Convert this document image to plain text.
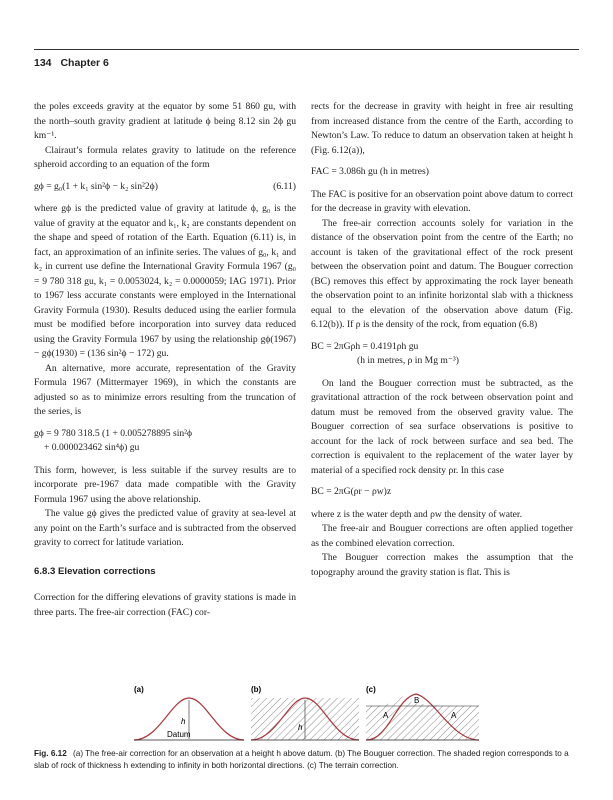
134 Chapter 6

the poles exceeds gravity at the equator by some 51 860 gu, with the north–south gravity gradient at latitude ϕ being 8.12 sin 2ϕ gu km⁻¹.

Clairaut’s formula relates gravity to latitude on the reference spheroid according to an equation of the form

gϕ = g₀(1 + k₁ sin²ϕ − k₂ sin²2ϕ)	(6.11)

where gϕ is the predicted value of gravity at latitude ϕ, g₀ is the value of gravity at the equator and k₁, k₂ are constants dependent on the shape and speed of rotation of the Earth. Equation (6.11) is, in fact, an approximation of an infinite series. The values of g₀, k₁ and k₂ in current use define the International Gravity Formula 1967 (g₀ = 9 780 318 gu, k₁ = 0.0053024, k₂ = 0.0000059; IAG 1971). Prior to 1967 less accurate constants were employed in the International Gravity Formula (1930). Results deduced using the earlier formula must be modified before incorporation into survey data reduced using the Gravity Formula 1967 by using the relationship gϕ(1967) − gϕ(1930) = (136 sin²ϕ − 172) gu.

An alternative, more accurate, representation of the Gravity Formula 1967 (Mittermayer 1969), in which the constants are adjusted so as to minimize errors resulting from the truncation of the series, is

gϕ = 9 780 318.5 (1 + 0.005278895 sin²ϕ
+ 0.000023462 sin⁴ϕ) gu

This form, however, is less suitable if the survey results are to incorporate pre-1967 data made compatible with the Gravity Formula 1967 using the above relationship.

The value gϕ gives the predicted value of gravity at sea-level at any point on the Earth’s surface and is subtracted from the observed gravity to correct for latitude variation.

6.8.3 Elevation corrections

Correction for the differing elevations of gravity stations is made in three parts. The free-air correction (FAC) cor-

rects for the decrease in gravity with height in free air resulting from increased distance from the centre of the Earth, according to Newton’s Law. To reduce to datum an observation taken at height h (Fig. 6.12(a)),

FAC = 3.086h gu (h in metres)

The FAC is positive for an observation point above datum to correct for the decrease in gravity with elevation.

The free-air correction accounts solely for variation in the distance of the observation point from the centre of the Earth; no account is taken of the gravitational effect of the rock present between the observation point and datum. The Bouguer correction (BC) removes this effect by approximating the rock layer beneath the observation point to an infinite horizontal slab with a thickness equal to the elevation of the observation above datum (Fig. 6.12(b)). If ρ is the density of the rock, from equation (6.8)

BC = 2πGρh = 0.4191ρh gu
(h in metres, ρ in Mg m⁻³)

On land the Bouguer correction must be subtracted, as the gravitational attraction of the rock between observation point and datum must be removed from the observed gravity value. The Bouguer correction of sea surface observations is positive to account for the lack of rock between surface and sea bed. The correction is equivalent to the replacement of the water layer by material of a specified rock density ρr. In this case

BC = 2πG(ρr − ρw)z

where z is the water depth and ρw the density of water.

The free-air and Bouguer corrections are often applied together as the combined elevation correction.

The Bouguer correction makes the assumption that the topography around the gravity station is flat. This is

(a)
h
Datum
(b)
h
(c)
B
A	A
Fig. 6.12 (a) The free-air correction for an observation at a height h above datum. (b) The Bouguer correction. The shaded region corresponds to a slab of rock of thickness h extending to infinity in both horizontal directions. (c) The terrain correction.
